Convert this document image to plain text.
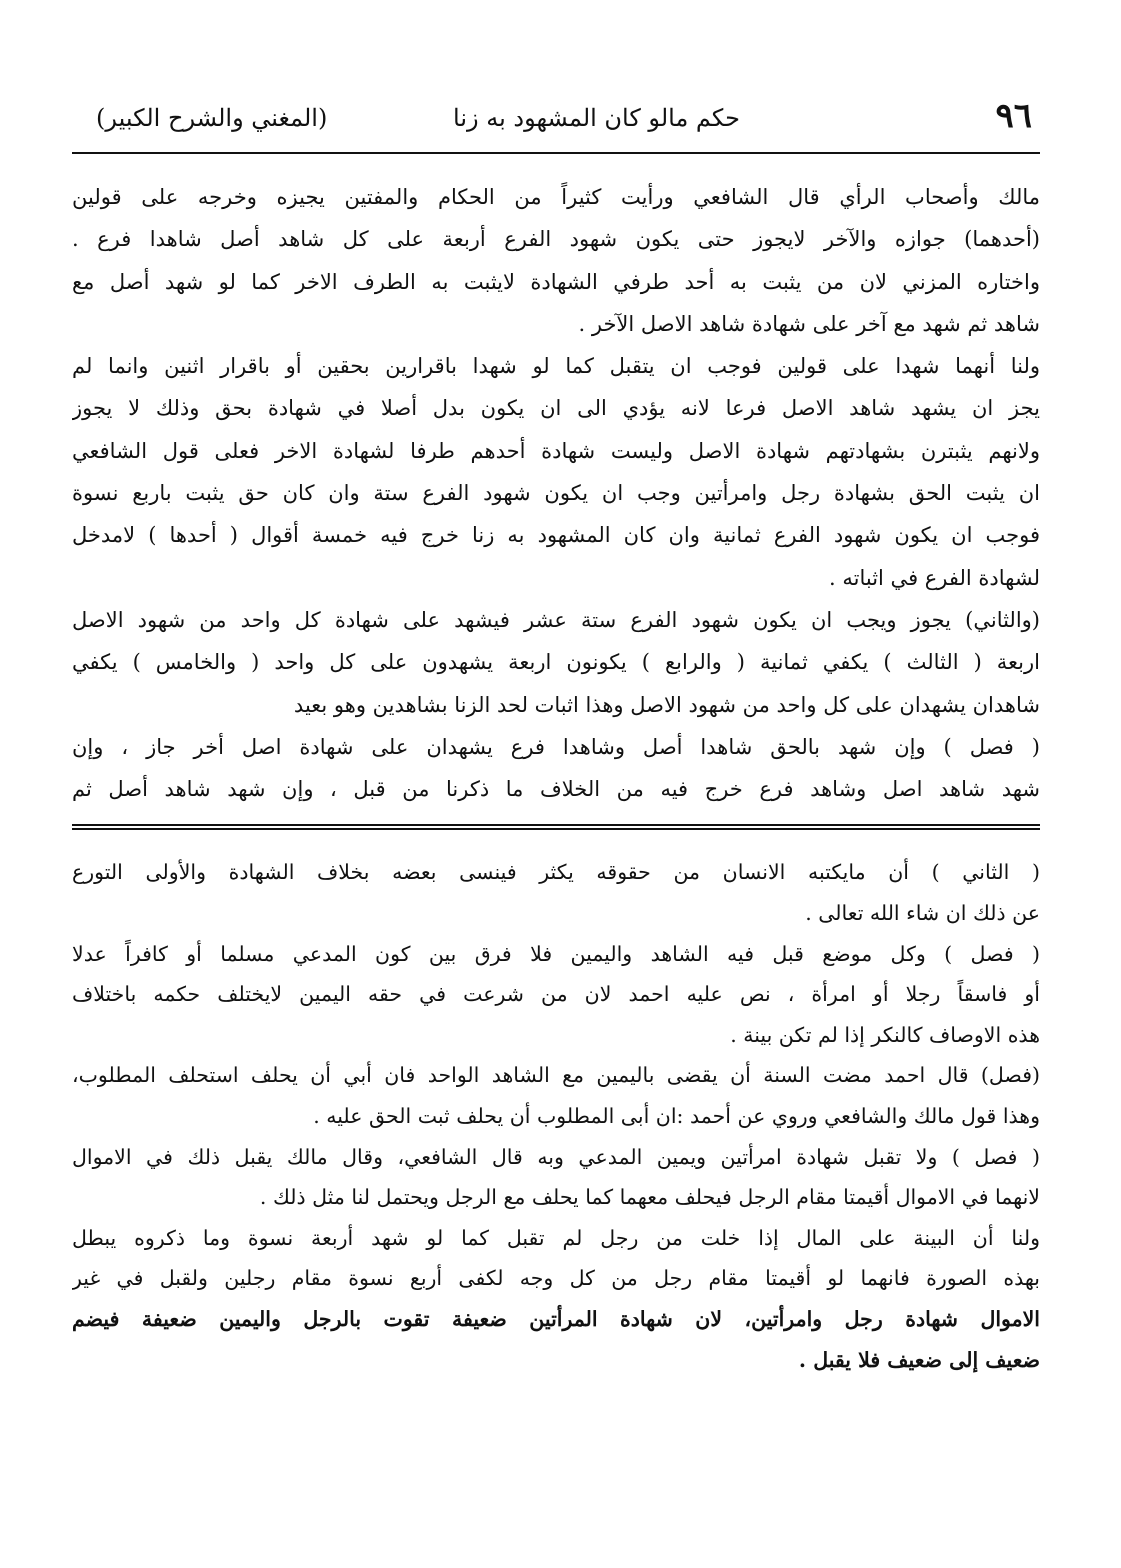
٩٦
حكم مالو كان المشهود به زنا
(المغني والشرح الكبير)
مالك وأصحاب الرأي قال الشافعي ورأيت كثيراً من الحكام والمفتين يجيزه وخرجه على قولين
(أحدهما) جوازه والآخر لايجوز حتى يكون شهود الفرع أربعة على كل شاهد أصل شاهدا فرع .
واختاره المزني لان من يثبت به أحد طرفي الشهادة لايثبت به الطرف الاخر كما لو شهد أصل مع
شاهد ثم شهد مع آخر على شهادة شاهد الاصل الآخر .
ولنا أنهما شهدا على قولين فوجب ان يتقبل كما لو شهدا باقرارين بحقين أو باقرار اثنين وانما لم
يجز ان يشهد شاهد الاصل فرعا لانه يؤدي الى ان يكون بدل أصلا في شهادة بحق وذلك لا يجوز
ولانهم يثبترن بشهادتهم شهادة الاصل وليست شهادة أحدهم طرفا لشهادة الاخر فعلى قول الشافعي
ان يثبت الحق بشهادة رجل وامرأتين وجب ان يكون شهود الفرع ستة وان كان حق يثبت باربع نسوة
فوجب ان يكون شهود الفرع ثمانية وان كان المشهود به زنا خرج فيه خمسة أقوال ( أحدها ) لامدخل
لشهادة الفرع في اثباته .
(والثاني) يجوز ويجب ان يكون شهود الفرع ستة عشر فيشهد على شهادة كل واحد من شهود الاصل
اربعة ( الثالث ) يكفي ثمانية ( والرابع ) يكونون اربعة يشهدون على كل واحد ( والخامس ) يكفي
شاهدان يشهدان على كل واحد من شهود الاصل وهذا اثبات لحد الزنا بشاهدين وهو بعيد
( فصل ) وإن شهد بالحق شاهدا أصل وشاهدا فرع يشهدان على شهادة اصل أخر جاز ، وإن
شهد شاهد اصل وشاهد فرع خرج فيه من الخلاف ما ذكرنا من قبل ، وإن شهد شاهد أصل ثم
( الثاني ) أن مايكتبه الانسان من حقوقه يكثر فينسى بعضه بخلاف الشهادة والأولى التورع
عن ذلك ان شاء الله تعالى .
( فصل ) وكل موضع قبل فيه الشاهد واليمين فلا فرق بين كون المدعي مسلما أو كافراً عدلا
أو فاسقاً رجلا أو امرأة ، نص عليه احمد لان من شرعت في حقه اليمين لايختلف حكمه باختلاف
هذه الاوصاف كالنكر إذا لم تكن بينة .
(فصل) قال احمد مضت السنة أن يقضى باليمين مع الشاهد الواحد فان أبي أن يحلف استحلف المطلوب،
وهذا قول مالك والشافعي وروي عن أحمد :ان أبى المطلوب أن يحلف ثبت الحق عليه .
( فصل ) ولا تقبل شهادة امرأتين ويمين المدعي وبه قال الشافعي، وقال مالك يقبل ذلك في الاموال
لانهما في الاموال أقيمتا مقام الرجل فيحلف معهما كما يحلف مع الرجل ويحتمل لنا مثل ذلك .
ولنا أن البينة على المال إذا خلت من رجل لم تقبل كما لو شهد أربعة نسوة وما ذكروه يبطل
بهذه الصورة فانهما لو أقيمتا مقام رجل من كل وجه لكفى أربع نسوة مقام رجلين ولقبل في غير
الاموال شهادة رجل وامرأتين، لان شهادة المرأتين ضعيفة تقوت بالرجل واليمين ضعيفة فيضم
ضعيف إلى ضعيف فلا يقبل .
